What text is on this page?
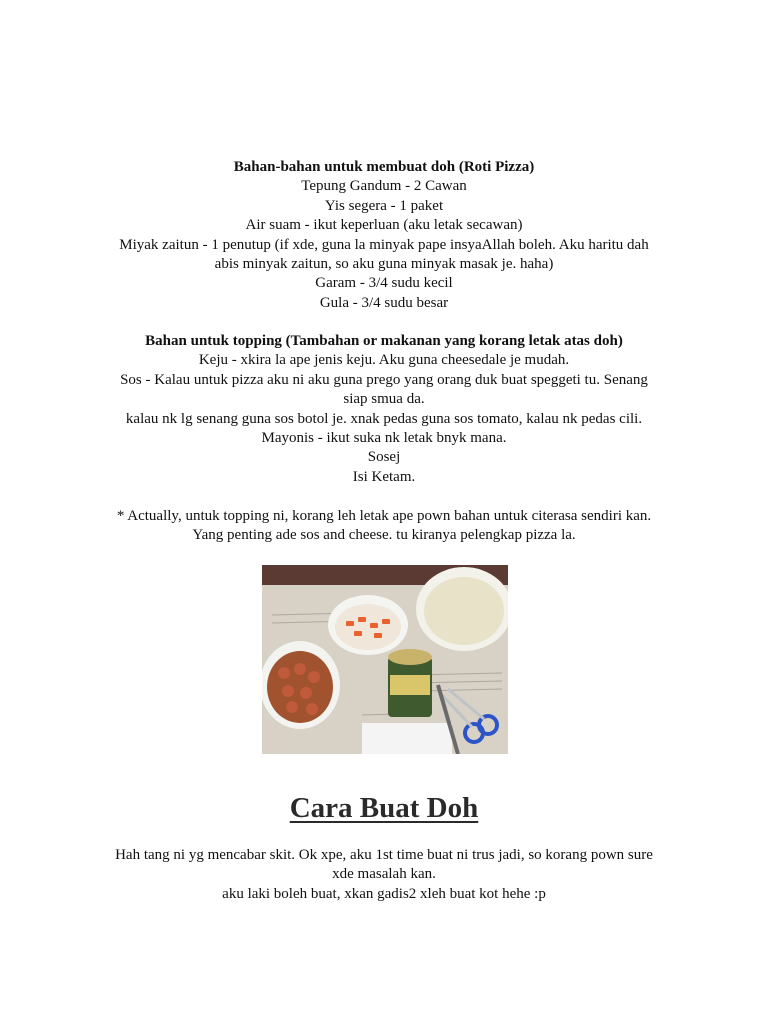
Bahan-bahan untuk membuat doh (Roti Pizza)

Tepung Gandum - 2 Cawan

Yis segera - 1 paket

Air suam - ikut keperluan (aku letak secawan)

Miyak zaitun - 1 penutup (if xde, guna la minyak pape insyaAllah boleh. Aku haritu dah

abis minyak zaitun, so aku guna minyak masak je. haha)

Garam - 3/4 sudu kecil

Gula - 3/4 sudu besar

Bahan untuk topping (Tambahan or makanan yang korang letak atas doh)

Keju - xkira la ape jenis keju. Aku guna cheesedale je mudah.

Sos - Kalau untuk pizza aku ni aku guna prego yang orang duk buat speggeti tu. Senang

siap smua da.

kalau nk lg senang guna sos botol je. xnak pedas guna sos tomato, kalau nk pedas cili.

Mayonis - ikut suka nk letak bnyk mana.

Sosej

Isi Ketam.

* Actually, untuk topping ni, korang leh letak ape pown bahan untuk citerasa sendiri kan.

Yang penting ade sos and cheese. tu kiranya pelengkap pizza la.

Cara Buat Doh

Hah tang ni yg mencabar skit. Ok xpe, aku 1st time buat ni trus jadi, so korang pown sure

xde masalah kan.

aku laki boleh buat, xkan gadis2 xleh buat kot hehe :p
